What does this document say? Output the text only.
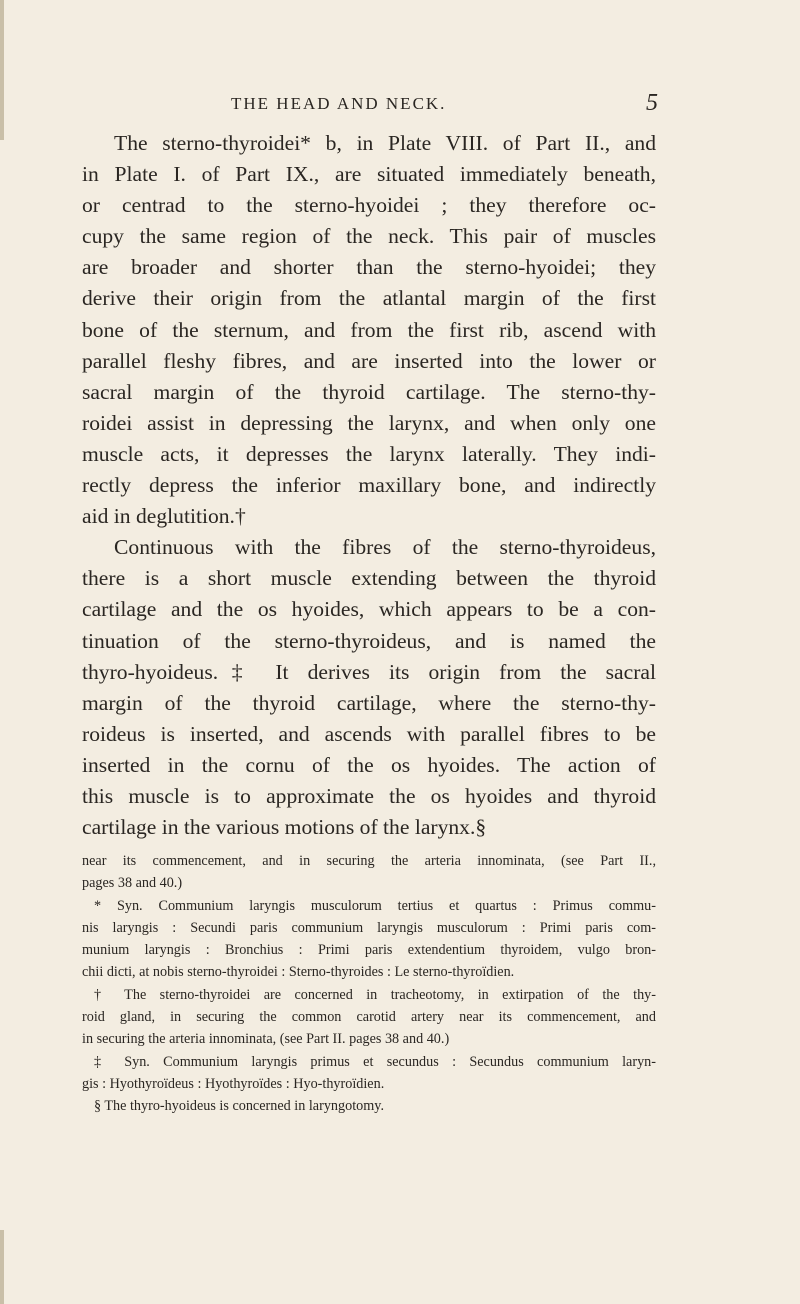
THE HEAD AND NECK.	5

The sterno-thyroidei* b, in Plate VIII. of Part II., and
in Plate I. of Part IX., are situated immediately beneath,
or centrad to the sterno-hyoidei ; they therefore oc-
cupy the same region of the neck. This pair of muscles
are broader and shorter than the sterno-hyoidei; they
derive their origin from the atlantal margin of the first
bone of the sternum, and from the first rib, ascend with
parallel fleshy fibres, and are inserted into the lower or
sacral margin of the thyroid cartilage. The sterno-thy-
roidei assist in depressing the larynx, and when only one
muscle acts, it depresses the larynx laterally. They indi-
rectly depress the inferior maxillary bone, and indirectly
aid in deglutition.†

Continuous with the fibres of the sterno-thyroideus,
there is a short muscle extending between the thyroid
cartilage and the os hyoides, which appears to be a con-
tinuation of the sterno-thyroideus, and is named the
thyro-hyoideus.‡ It derives its origin from the sacral
margin of the thyroid cartilage, where the sterno-thy-
roideus is inserted, and ascends with parallel fibres to be
inserted in the cornu of the os hyoides. The action of
this muscle is to approximate the os hyoides and thyroid
cartilage in the various motions of the larynx.§

near its commencement, and in securing the arteria innominata, (see Part II.,
pages 38 and 40.)
* Syn. Communium laryngis musculorum tertius et quartus : Primus commu-
nis laryngis : Secundi paris communium laryngis musculorum : Primi paris com-
munium laryngis : Bronchius : Primi paris extendentium thyroidem, vulgo bron-
chii dicti, at nobis sterno-thyroidei : Sterno-thyroides : Le sterno-thyroïdien.
† The sterno-thyroidei are concerned in tracheotomy, in extirpation of the thy-
roid gland, in securing the common carotid artery near its commencement, and
in securing the arteria innominata, (see Part II. pages 38 and 40.)
‡ Syn. Communium laryngis primus et secundus : Secundus communium laryn-
gis : Hyothyroïdeus : Hyothyroïdes : Hyo-thyroïdien.
§ The thyro-hyoideus is concerned in laryngotomy.
